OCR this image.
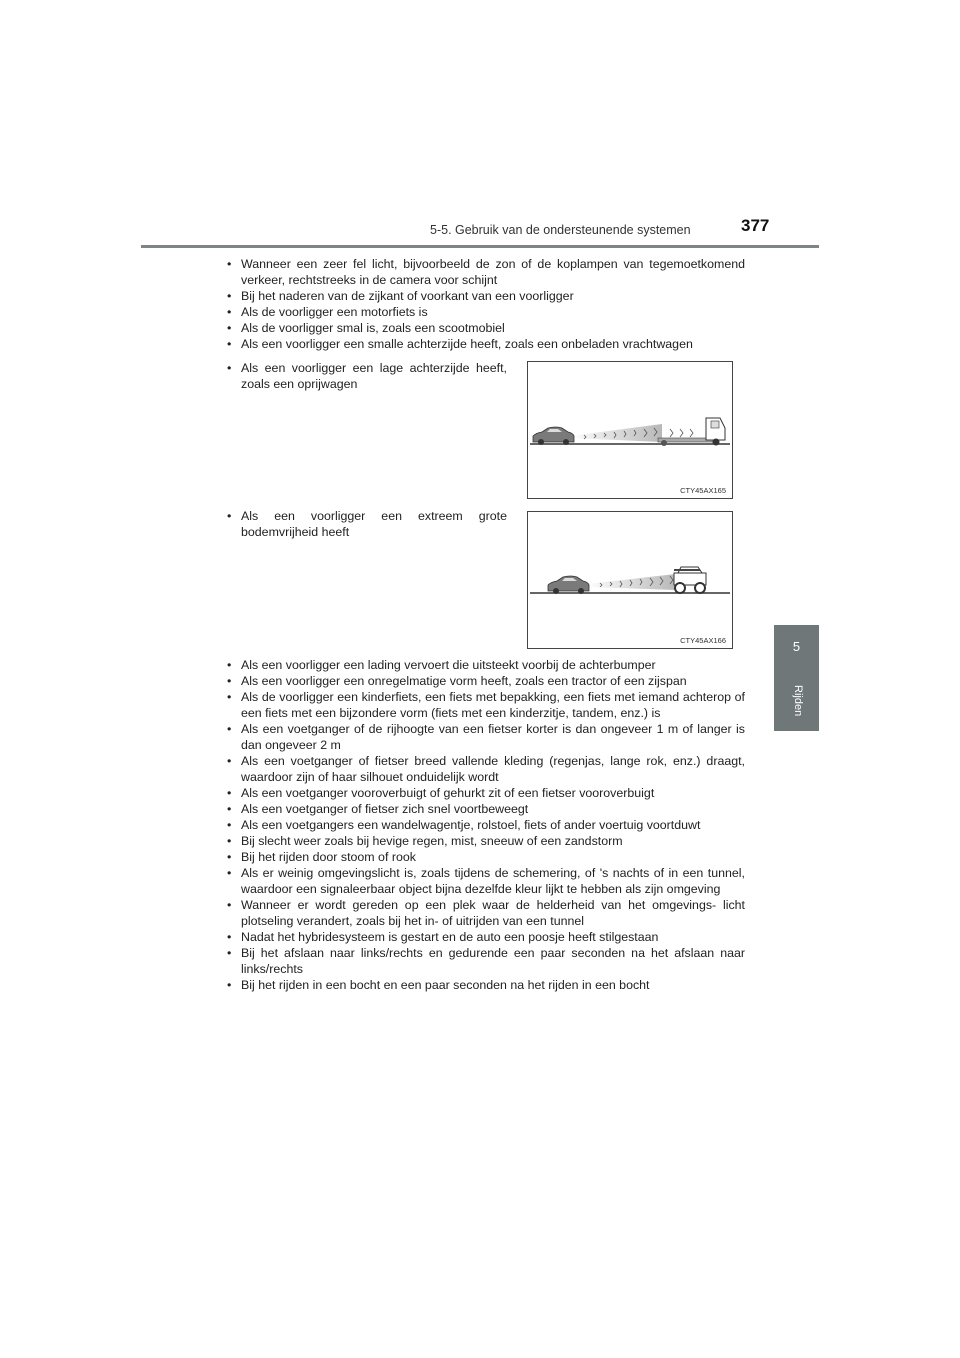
5-5. Gebruik van de ondersteunende systemen	377
5
Rijden
• Wanneer een zeer fel licht, bijvoorbeeld de zon of de koplampen van tegemoetkomend verkeer, rechtstreeks in de camera voor schijnt
• Bij het naderen van de zijkant of voorkant van een voorligger
• Als de voorligger een motorfiets is
• Als de voorligger smal is, zoals een scootmobiel
• Als een voorligger een smalle achterzijde heeft, zoals een onbeladen vrachtwagen
• Als een voorligger een lage achterzijde heeft, zoals een oprijwagen
CTY45AX165
• Als een voorligger een extreem grote bodemvrijheid heeft
CTY45AX166
• Als een voorligger een lading vervoert die uitsteekt voorbij de achterbumper
• Als een voorligger een onregelmatige vorm heeft, zoals een tractor of een zijspan
• Als de voorligger een kinderfiets, een fiets met bepakking, een fiets met iemand achterop of een fiets met een bijzondere vorm (fiets met een kinderzitje, tandem, enz.) is
• Als een voetganger of de rijhoogte van een fietser korter is dan ongeveer 1 m of langer is dan ongeveer 2 m
• Als een voetganger of fietser breed vallende kleding (regenjas, lange rok, enz.) draagt, waardoor zijn of haar silhouet onduidelijk wordt
• Als een voetganger vooroverbuigt of gehurkt zit of een fietser vooroverbuigt
• Als een voetganger of fietser zich snel voortbeweegt
• Als een voetgangers een wandelwagentje, rolstoel, fiets of ander voertuig voortduwt
• Bij slecht weer zoals bij hevige regen, mist, sneeuw of een zandstorm
• Bij het rijden door stoom of rook
• Als er weinig omgevingslicht is, zoals tijdens de schemering, of 's nachts of in een tunnel, waardoor een signaleerbaar object bijna dezelfde kleur lijkt te hebben als zijn omgeving
• Wanneer er wordt gereden op een plek waar de helderheid van het omgevings- licht plotseling verandert, zoals bij het in- of uitrijden van een tunnel
• Nadat het hybridesysteem is gestart en de auto een poosje heeft stilgestaan
• Bij het afslaan naar links/rechts en gedurende een paar seconden na het afslaan naar links/rechts
• Bij het rijden in een bocht en een paar seconden na het rijden in een bocht
